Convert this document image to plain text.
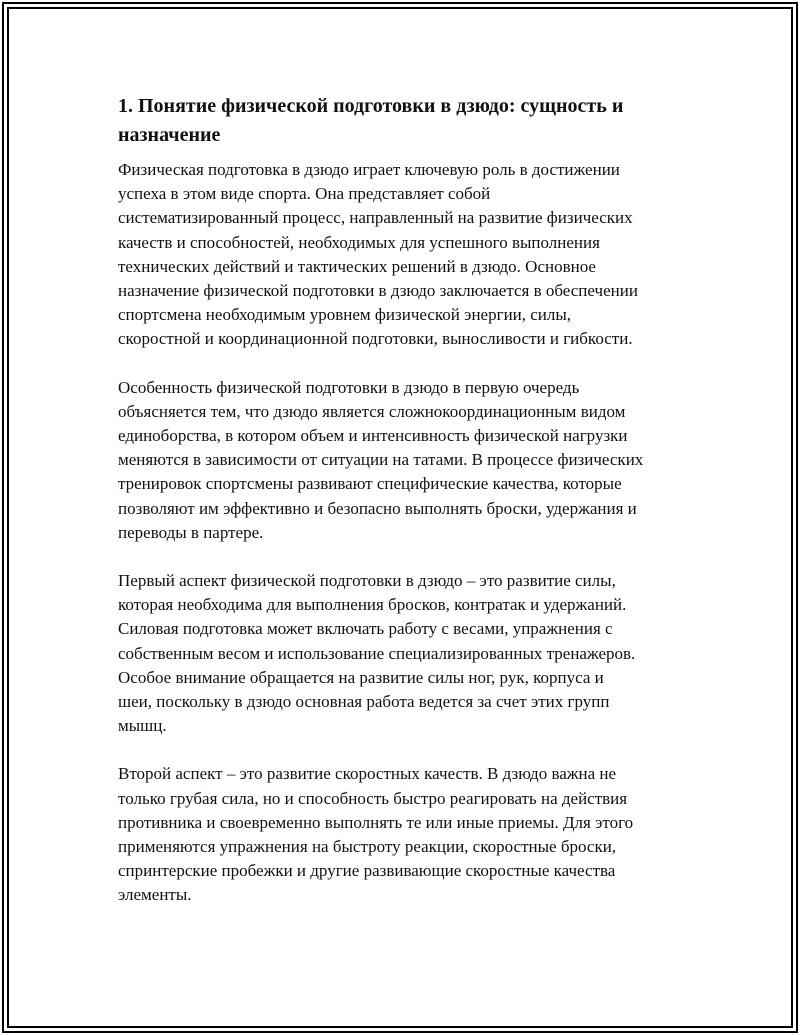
1. Понятие физической подготовки в дзюдо: сущность и
назначение

Физическая подготовка в дзюдо играет ключевую роль в достижении
успеха в этом виде спорта. Она представляет собой
систематизированный процесс, направленный на развитие физических
качеств и способностей, необходимых для успешного выполнения
технических действий и тактических решений в дзюдо. Основное
назначение физической подготовки в дзюдо заключается в обеспечении
спортсмена необходимым уровнем физической энергии, силы,
скоростной и координационной подготовки, выносливости и гибкости.

Особенность физической подготовки в дзюдо в первую очередь
объясняется тем, что дзюдо является сложнокоординационным видом
единоборства, в котором объем и интенсивность физической нагрузки
меняются в зависимости от ситуации на татами. В процессе физических
тренировок спортсмены развивают специфические качества, которые
позволяют им эффективно и безопасно выполнять броски, удержания и
переводы в партере.

Первый аспект физической подготовки в дзюдо – это развитие силы,
которая необходима для выполнения бросков, контратак и удержаний.
Силовая подготовка может включать работу с весами, упражнения с
собственным весом и использование специализированных тренажеров.
Особое внимание обращается на развитие силы ног, рук, корпуса и
шеи, поскольку в дзюдо основная работа ведется за счет этих групп
мышц.

Второй аспект – это развитие скоростных качеств. В дзюдо важна не
только грубая сила, но и способность быстро реагировать на действия
противника и своевременно выполнять те или иные приемы. Для этого
применяются упражнения на быстроту реакции, скоростные броски,
спринтерские пробежки и другие развивающие скоростные качества
элементы.
